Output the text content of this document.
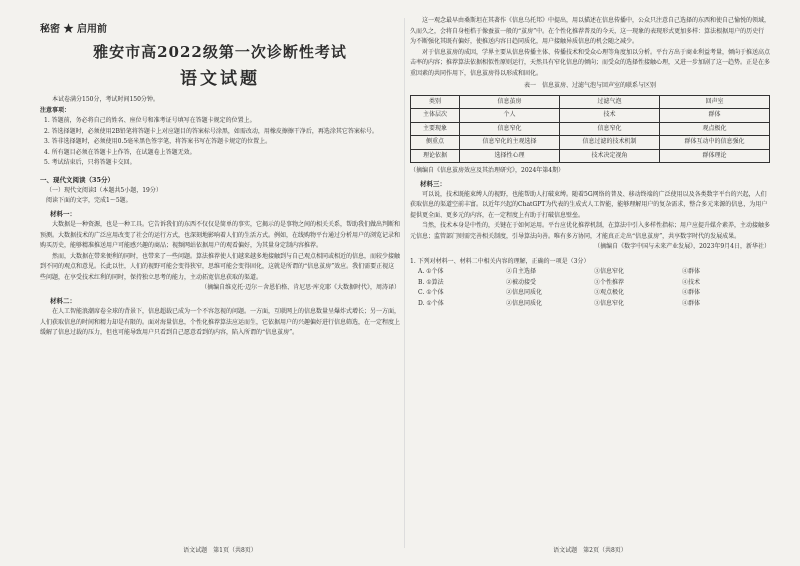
秘密 ★ 启用前
雅安市高2022级第一次诊断性考试
语文试题

本试卷满分150分，考试时间150分钟。

注意事项：

1. 答题前，务必将自己的姓名、座位号和准考证号填写在答题卡规定的位置上。

2. 答选择题时，必须使用2B铅笔将答题卡上对应题目的答案标号涂黑，如需改动，用橡皮擦擦干净后，再选涂其它答案标号。

3. 答非选择题时，必须使用0.5毫米黑色签字笔，将答案书写在答题卡规定的位置上。

4. 所有题目必须在答题卡上作答，在试题卷上答题无效。

5. 考试结束后，只将答题卡交回。

一、现代文阅读（35分）

（一）现代文阅读Ⅰ（本题共5小题，19分）

阅读下面的文字，完成1～5题。

材料一：

大数据是一种资源，也是一种工具。它告诉我们的东西不仅仅是简单的事实，它揭示的是事物之间的相关关系，帮助我们做出判断和预测。大数据技术的广泛应用改变了社会的运行方式，也深刻地影响着人们的生活方式。例如，在线购物平台通过分析用户的浏览记录和购买历史，能够精准推送用户可能感兴趣的商品；视频网站依据用户的观看偏好，为其量身定制内容推荐。

然而，大数据在带来便利的同时，也带来了一些问题。算法推荐使人们越来越多地接触到与自己观点相同或相近的信息，而较少接触到不同的观点和意见。长此以往，人们的视野可能会变得狭窄，思维可能会变得固化，这就是所谓的“信息茧房”效应。我们需要正视这些问题，在享受技术红利的同时，保持独立思考的能力，主动拓宽信息获取的渠道。

（摘编自维克托·迈尔－舍恩伯格、肯尼思·库克耶《大数据时代》，周涛译）

材料二：

在人工智能浪潮席卷全球的背景下，信息超载已成为一个不容忽视的问题。一方面，互联网上的信息数量呈爆炸式增长；另一方面，人们获取信息的时间和精力却是有限的。面对海量信息，个性化推荐算法应运而生，它依据用户的兴趣偏好进行信息筛选，在一定程度上缓解了信息过载的压力，但也可能导致用户只看到自己愿意看到的内容，陷入所谓的“信息茧房”。

语文试题　第1页（共8页）

这一观念最早由桑斯坦在其著作《信息乌托邦》中提出，用以描述在信息传播中，公众只注意自己选择的东西和使自己愉悦的领域，久而久之，会将自身桎梏于像蚕茧一般的“茧房”中。在个性化推荐普及的今天，这一现象的表现形式更加多样：算法根据用户的历史行为不断强化其既有偏好，使推送内容日趋同质化，用户接触异质信息的机会随之减少。

对于信息茧房的成因，学界主要从信息传播主体、传播技术和受众心理等角度加以分析。平台方出于商业利益考量，倾向于推送高点击率的内容；推荐算法依据相似性原则运行，天然具有窄化信息的倾向；而受众的选择性接触心理，又进一步加剧了这一趋势。正是在多重因素的共同作用下，信息茧房得以形成和固化。

表一　信息茧房、过滤气泡与回声室的联系与区别

类别	信息茧房	过滤气泡	回声室
主体层次	个人	技术	群体
主要现象	信息窄化	信息窄化	观点极化
侧重点	信息窄化的主观选择	信息过滤的技术机制	群体互动中的信息强化
理论依据	选择性心理	技术决定视角	群体理论

（摘编自《信息茧房效应及其治理研究》，2024年第4期）

材料三：

可以说，技术既能束缚人的视野，也能帮助人打破束缚。随着5G网络的普及、移动终端的广泛使用以及各类数字平台的兴起，人们获取信息的渠道空前丰富。以近年兴起的ChatGPT为代表的生成式人工智能，能够理解用户的复杂需求，整合多元来源的信息，为用户提供更全面、更多元的内容，在一定程度上有助于打破信息壁垒。

当然，技术本身是中性的，关键在于如何运用。平台应优化推荐机制，在算法中引入多样性指标；用户应提升媒介素养，主动接触多元信息；监管部门则需完善相关制度，引导算法向善。唯有多方协同，才能真正走出“信息茧房”，共享数字时代的发展成果。

（摘编自《数字中国与未来产业发展》，2023年9月4日，新华社）

1. 下列对材料一、材料二中相关内容的理解，正确的一项是（3分）

A. ①个体	②自主选择	③信息窄化	④群体
B. ①算法	②被动接受	③个性推荐	④技术
C. ①个体	②信息同质化	③观点极化	④群体
D. ①个体	②信息同质化	③信息窄化	④群体
语文试题　第2页（共8页）
